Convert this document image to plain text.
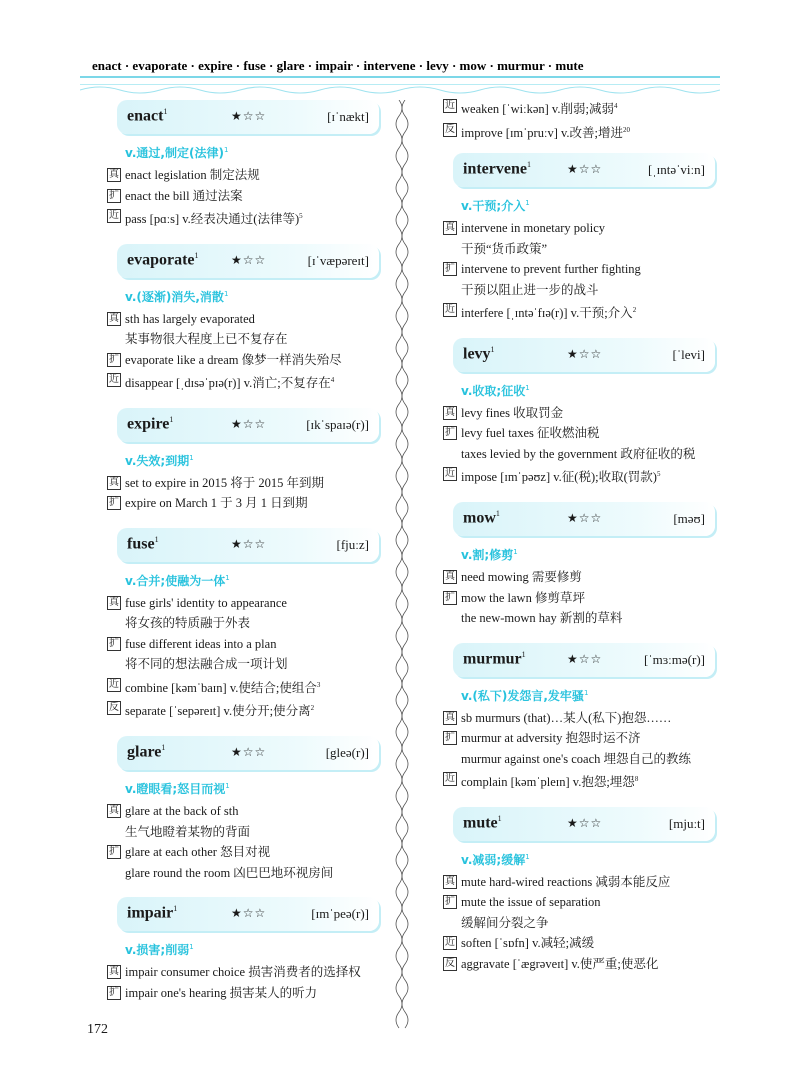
enact · evaporate · expire · fuse · glare · impair · intervene · levy · mow · murmur · mute
enact$^1$	★☆☆	[ɪˈnækt]
v.通过,制定(法律)$^1$
真 enact legislation 制定法规
扩 enact the bill 通过法案
近 pass [pɑːs] v.经表决通过(法律等)$^5$
evaporate$^1$	★☆☆	[ɪˈvæpəreɪt]
v.(逐渐)消失,消散$^1$
真 sth has largely evaporated
某事物很大程度上已不复存在
扩 evaporate like a dream 像梦一样消失殆尽
近 disappear [ˌdɪsəˈpɪə(r)] v.消亡;不复存在$^4$
expire$^1$	★☆☆	[ɪkˈspaɪə(r)]
v.失效;到期$^1$
真 set to expire in 2015 将于 2015 年到期
扩 expire on March 1 于 3 月 1 日到期
fuse$^1$	★☆☆	[fjuːz]
v.合并;使融为一体$^1$
真 fuse girls' identity to appearance
将女孩的特质融于外表
扩 fuse different ideas into a plan
将不同的想法融合成一项计划
近 combine [kəmˈbaɪn] v.使结合;使组合$^3$
反 separate [ˈsepəreɪt] v.使分开;使分离$^2$
glare$^1$	★☆☆	[gleə(r)]
v.瞪眼看;怒目而视$^1$
真 glare at the back of sth
生气地瞪着某物的背面
扩 glare at each other 怒目对视
glare round the room 凶巴巴地环视房间
impair$^1$	★☆☆	[ɪmˈpeə(r)]
v.损害;削弱$^1$
真 impair consumer choice 损害消费者的选择权
扩 impair one's hearing 损害某人的听力
近 weaken [ˈwiːkən] v.削弱;减弱$^4$
反 improve [ɪmˈpruːv] v.改善;增进$^{20}$
intervene$^1$	★☆☆	[ˌɪntəˈviːn]
v.干预;介入$^1$
真 intervene in monetary policy
干预“货币政策”
扩 intervene to prevent further fighting
干预以阻止进一步的战斗
近 interfere [ˌɪntəˈfɪə(r)] v.干预;介入$^2$
levy$^1$	★☆☆	[ˈlevi]
v.收取;征收$^1$
真 levy fines 收取罚金
扩 levy fuel taxes 征收燃油税
taxes levied by the government 政府征收的税
近 impose [ɪmˈpəʊz] v.征(税);收取(罚款)$^5$
mow$^1$	★☆☆	[məʊ]
v.割;修剪$^1$
真 need mowing 需要修剪
扩 mow the lawn 修剪草坪
the new-mown hay 新割的草料
murmur$^1$	★☆☆	[ˈmɜːmə(r)]
v.(私下)发怨言,发牢骚$^1$
真 sb murmurs (that)…某人(私下)抱怨……
扩 murmur at adversity 抱怨时运不济
murmur against one's coach 埋怨自己的教练
近 complain [kəmˈpleɪn] v.抱怨;埋怨$^8$
mute$^1$	★☆☆	[mjuːt]
v.减弱;缓解$^1$
真 mute hard-wired reactions 减弱本能反应
扩 mute the issue of separation
缓解间分裂之争
近 soften [ˈsɒfn] v.减轻;减缓
反 aggravate [ˈægrəveɪt] v.使严重;使恶化
172
